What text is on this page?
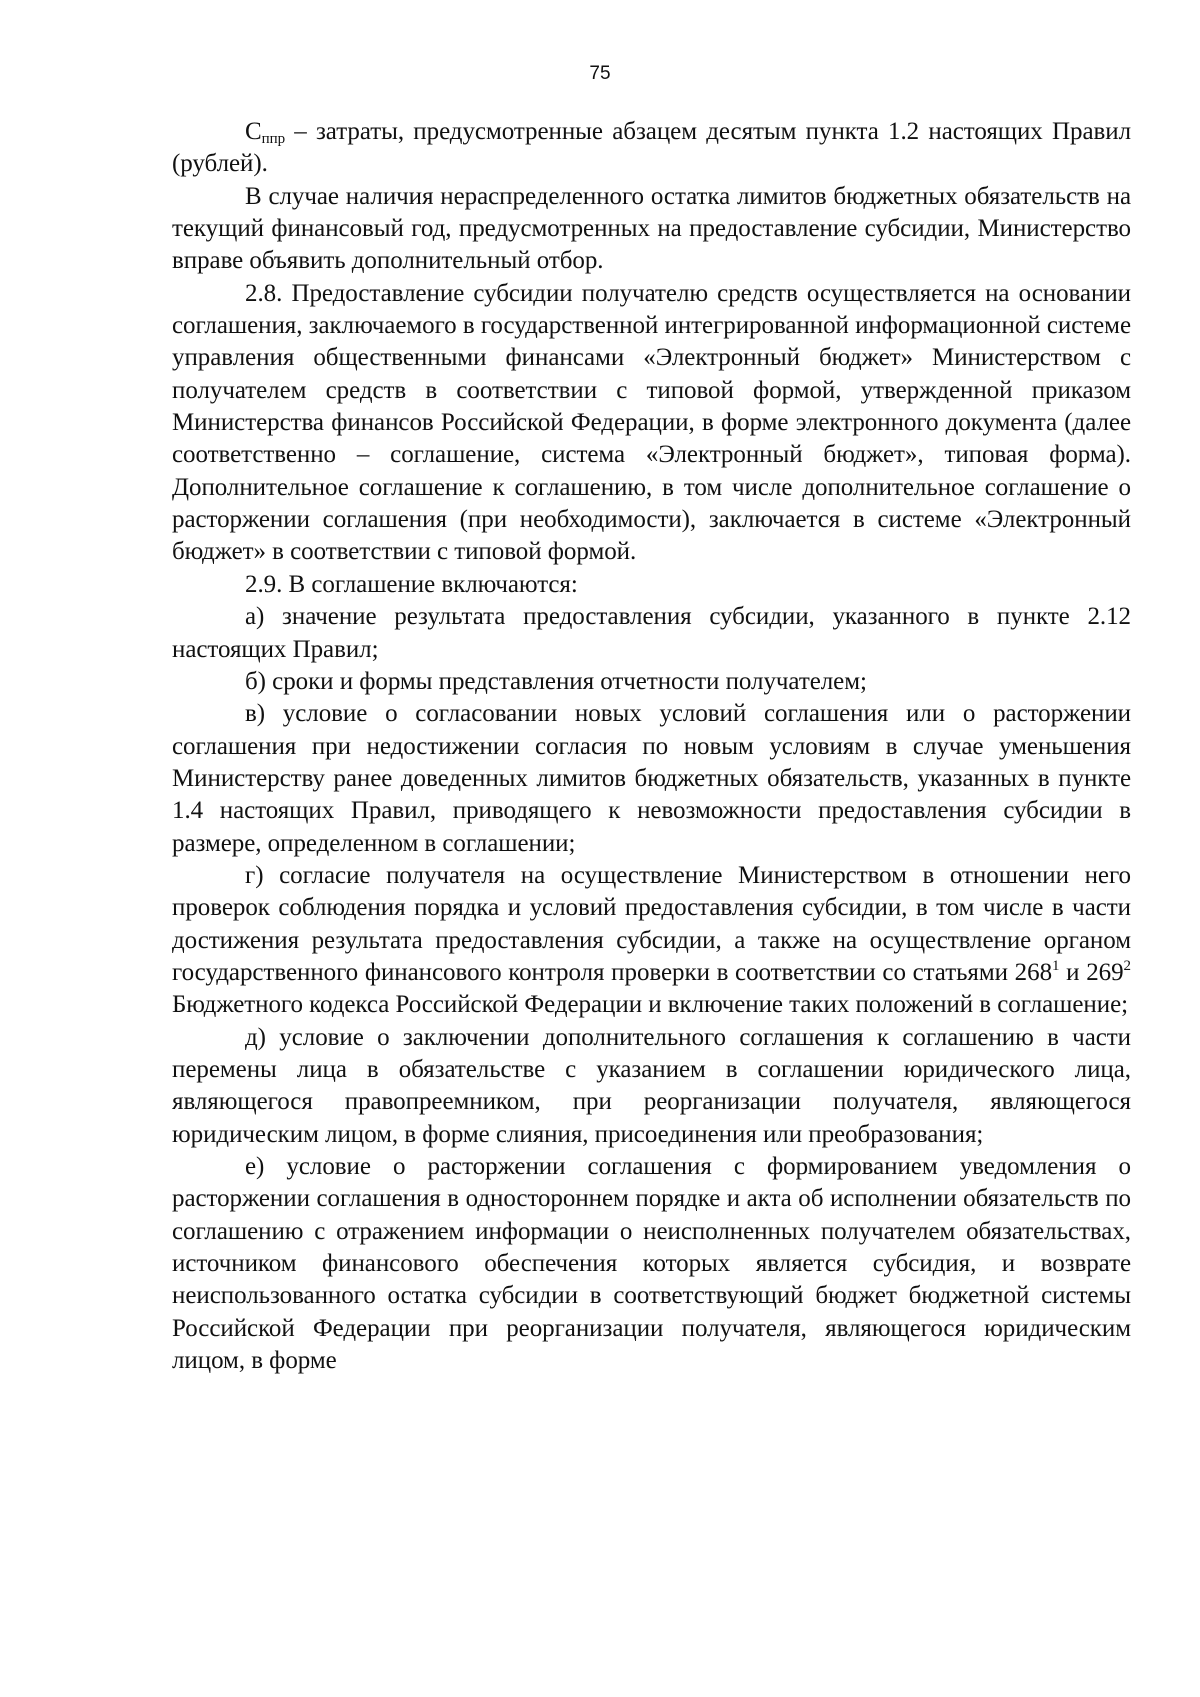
75

$С_{ппр}$ – затраты, предусмотренные абзацем десятым пункта 1.2 настоящих Правил (рублей).

В случае наличия нераспределенного остатка лимитов бюджетных обязательств на текущий финансовый год, предусмотренных на предоставление субсидии, Министерство вправе объявить дополнительный отбор.

2.8. Предоставление субсидии получателю средств осуществляется на основании соглашения, заключаемого в государственной интегрированной информационной системе управления общественными финансами «Электронный бюджет» Министерством с получателем средств в соответствии с типовой формой, утвержденной приказом Министерства финансов Российской Федерации, в форме электронного документа (далее соответственно – соглашение, система «Электронный бюджет», типовая форма). Дополнительное соглашение к соглашению, в том числе дополнительное соглашение о расторжении соглашения (при необходимости), заключается в системе «Электронный бюджет» в соответствии с типовой формой.

2.9. В соглашение включаются:

а) значение результата предоставления субсидии, указанного в пункте 2.12 настоящих Правил;

б) сроки и формы представления отчетности получателем;

в) условие о согласовании новых условий соглашения или о расторжении соглашения при недостижении согласия по новым условиям в случае уменьшения Министерству ранее доведенных лимитов бюджетных обязательств, указанных в пункте 1.4 настоящих Правил, приводящего к невозможности предоставления субсидии в размере, определенном в соглашении;

г) согласие получателя на осуществление Министерством в отношении него проверок соблюдения порядка и условий предоставления субсидии, в том числе в части достижения результата предоставления субсидии, а также на осуществление органом государственного финансового контроля проверки в соответствии со статьями $268^1$ и $269^2$ Бюджетного кодекса Российской Федерации и включение таких положений в соглашение;

д) условие о заключении дополнительного соглашения к соглашению в части перемены лица в обязательстве с указанием в соглашении юридического лица, являющегося правопреемником, при реорганизации получателя, являющегося юридическим лицом, в форме слияния, присоединения или преобразования;

е) условие о расторжении соглашения с формированием уведомления о расторжении соглашения в одностороннем порядке и акта об исполнении обязательств по соглашению с отражением информации о неисполненных получателем обязательствах, источником финансового обеспечения которых является субсидия, и возврате неиспользованного остатка субсидии в соответствующий бюджет бюджетной системы Российской Федерации при реорганизации получателя, являющегося юридическим лицом, в форме
